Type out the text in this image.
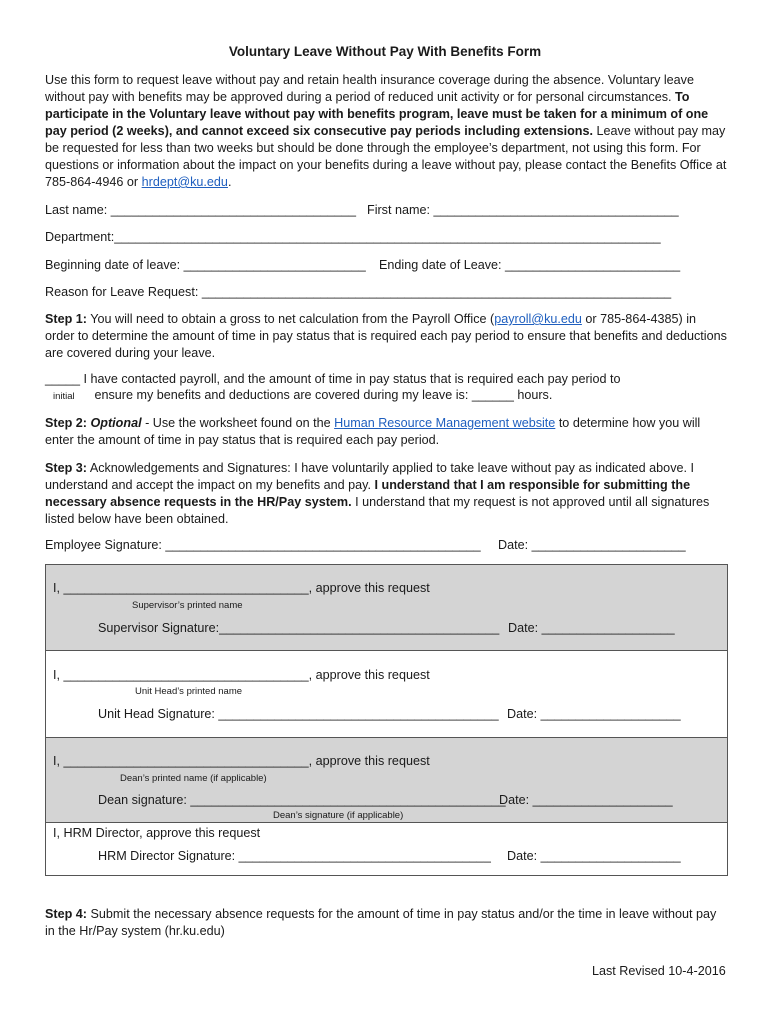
Voluntary Leave Without Pay With Benefits Form
Use this form to request leave without pay and retain health insurance coverage during the absence. Voluntary leave without pay with benefits may be approved during a period of reduced unit activity or for personal circumstances. To participate in the Voluntary leave without pay with benefits program, leave must be taken for a minimum of one pay period (2 weeks), and cannot exceed six consecutive pay periods including extensions. Leave without pay may be requested for less than two weeks but should be done through the employee’s department, not using this form. For questions or information about the impact on your benefits during a leave without pay, please contact the Benefits Office at 785-864-4946 or hrdept@ku.edu.
Last name: ___________________________________ First name: ___________________________________
Department:______________________________________________________________________________
Beginning date of leave: __________________________ Ending date of Leave: _________________________
Reason for Leave Request: ___________________________________________________________________
Step 1: You will need to obtain a gross to net calculation from the Payroll Office (payroll@ku.edu or 785-864-4385) in order to determine the amount of time in pay status that is required each pay period to ensure that benefits and deductions are covered during your leave.
_____ I have contacted payroll, and the amount of time in pay status that is required each pay period to
initial ensure my benefits and deductions are covered during my leave is: ______ hours.
Step 2: Optional - Use the worksheet found on the Human Resource Management website to determine how you will enter the amount of time in pay status that is required each pay period.
Step 3: Acknowledgements and Signatures: I have voluntarily applied to take leave without pay as indicated above. I understand and accept the impact on my benefits and pay. I understand that I am responsible for submitting the necessary absence requests in the HR/Pay system. I understand that my request is not approved until all signatures listed below have been obtained.
Employee Signature: _____________________________________________ Date: ______________________
I, ___________________________________, approve this request
Supervisor’s printed name
Supervisor Signature:________________________________________ Date: ___________________
I, ___________________________________, approve this request
Unit Head’s printed name
Unit Head Signature: ________________________________________ Date: ____________________
I, ___________________________________, approve this request
Dean’s printed name (if applicable)
Dean signature: _____________________________________________
Date: ____________________
Dean’s signature (if applicable)
I, HRM Director, approve this request
HRM Director Signature: ____________________________________ Date: ____________________
Step 4: Submit the necessary absence requests for the amount of time in pay status and/or the time in leave without pay in the Hr/Pay system (hr.ku.edu)
Last Revised 10-4-2016
